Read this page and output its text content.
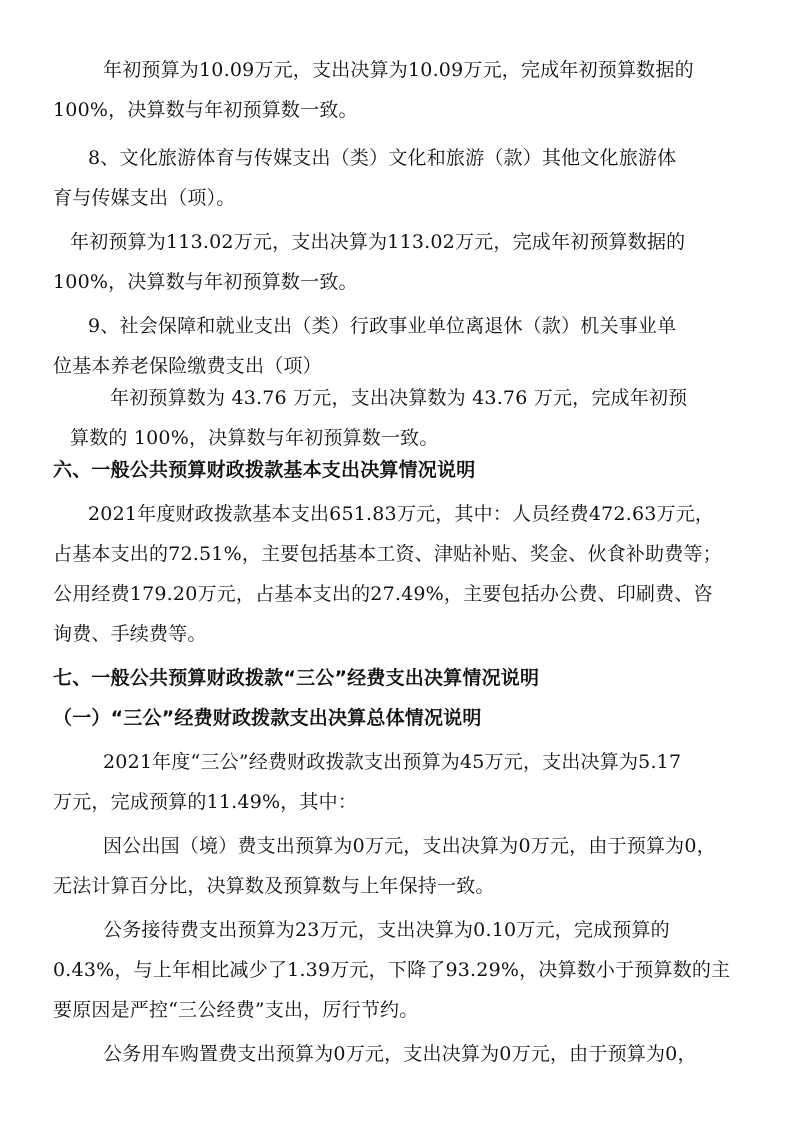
年初预算为10.09万元，支出决算为10.09万元，完成年初预算数据的
100%，决算数与年初预算数一致。
8、文化旅游体育与传媒支出（类）文化和旅游（款）其他文化旅游体
育与传媒支出（项）。
年初预算为113.02万元，支出决算为113.02万元，完成年初预算数据的
100%，决算数与年初预算数一致。
9、社会保障和就业支出（类）行政事业单位离退休（款）机关事业单
位基本养老保险缴费支出（项）
年初预算数为 43.76 万元，支出决算数为 43.76 万元，完成年初预
算数的 100%，决算数与年初预算数一致。
六、一般公共预算财政拨款基本支出决算情况说明
2021年度财政拨款基本支出651.83万元，其中：人员经费472.63万元，
占基本支出的72.51%，主要包括基本工资、津贴补贴、奖金、伙食补助费等；
公用经费179.20万元，占基本支出的27.49%，主要包括办公费、印刷费、咨
询费、手续费等。
七、一般公共预算财政拨款“三公”经费支出决算情况说明
（一）“三公”经费财政拨款支出决算总体情况说明
2021年度“三公”经费财政拨款支出预算为45万元，支出决算为5.17
万元，完成预算的11.49%，其中：
因公出国（境）费支出预算为0万元，支出决算为0万元，由于预算为0，
无法计算百分比，决算数及预算数与上年保持一致。
公务接待费支出预算为23万元，支出决算为0.10万元，完成预算的
0.43%，与上年相比减少了1.39万元，下降了93.29%，决算数小于预算数的主
要原因是严控“三公经费”支出，厉行节约。
公务用车购置费支出预算为0万元，支出决算为0万元，由于预算为0，
